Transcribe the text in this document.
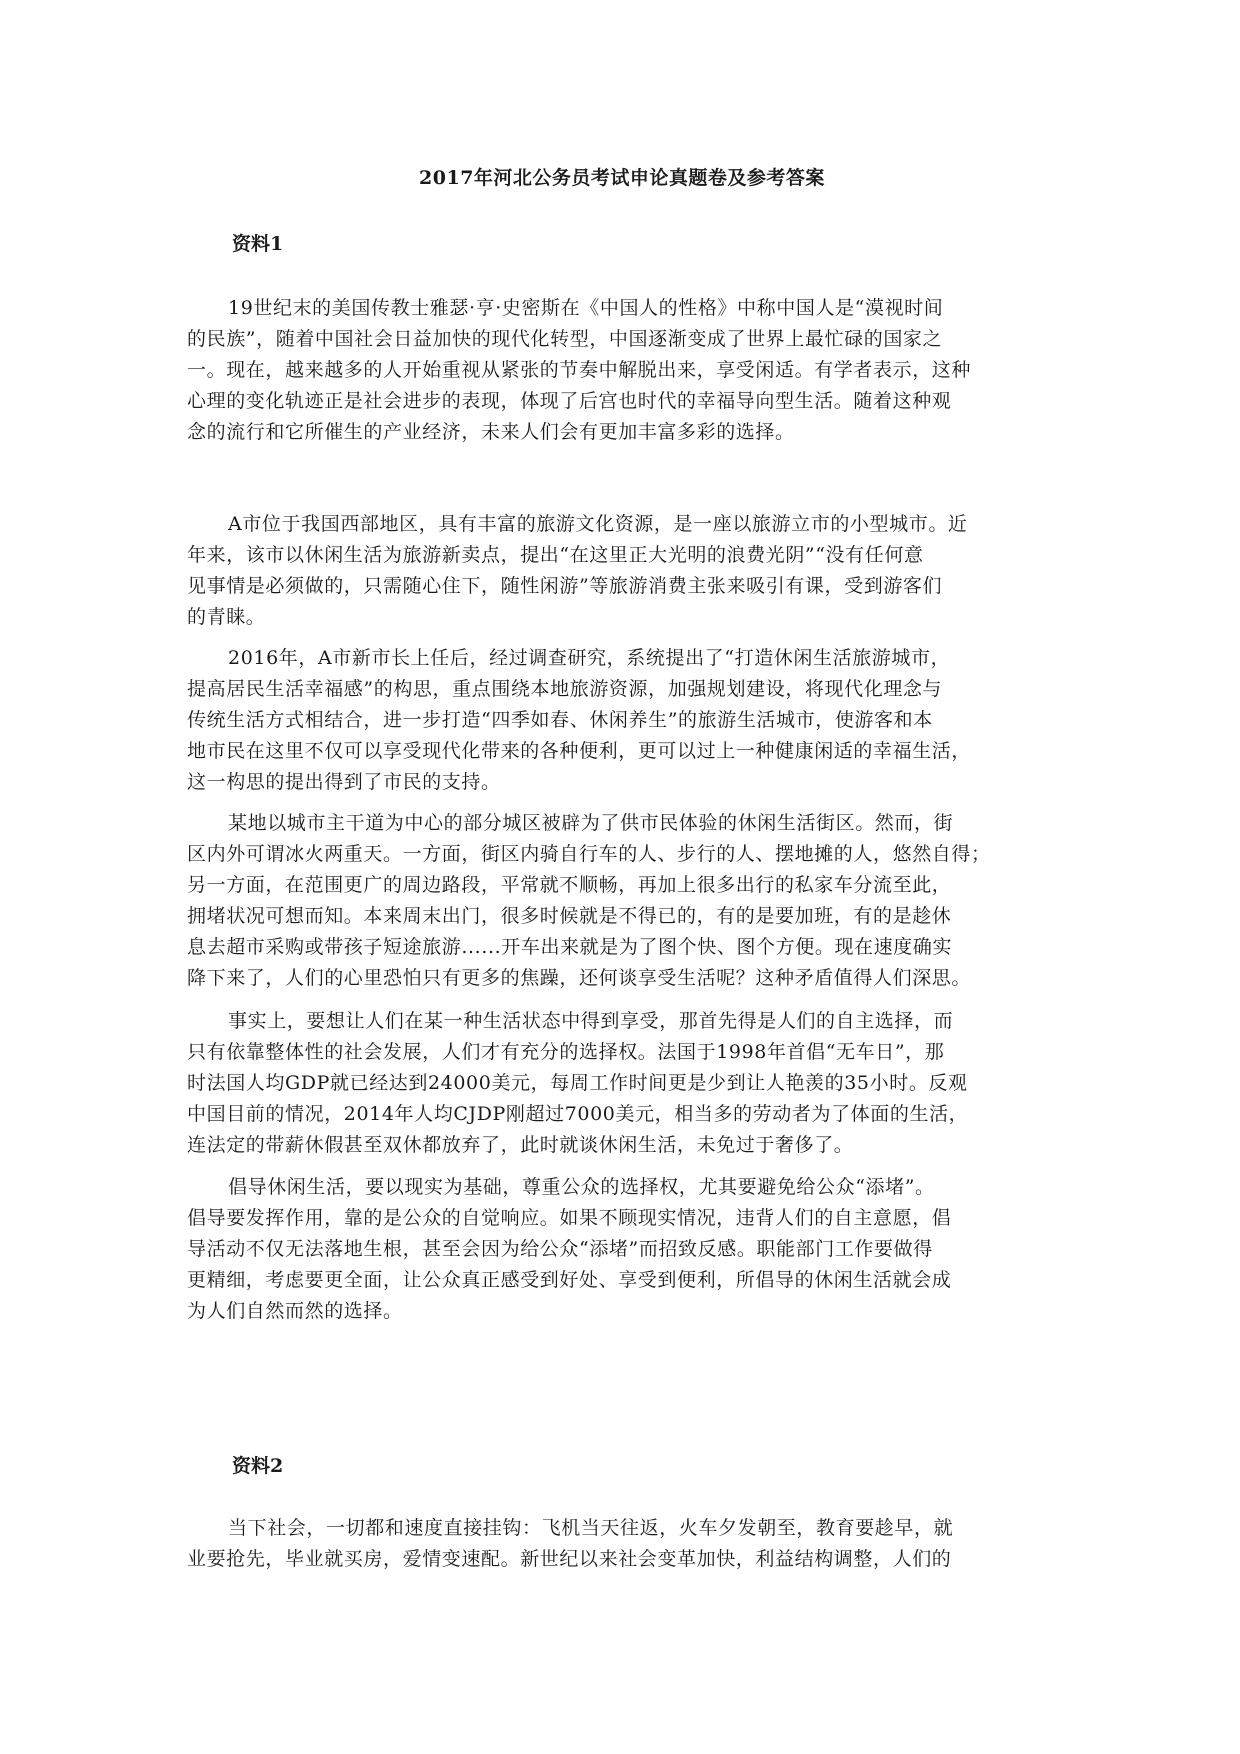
2017年河北公务员考试申论真题卷及参考答案
资料1
19世纪末的美国传教士雅瑟·亨·史密斯在《中国人的性格》中称中国人是“漠视时间
的民族”，随着中国社会日益加快的现代化转型，中国逐渐变成了世界上最忙碌的国家之
一。现在，越来越多的人开始重视从紧张的节奏中解脱出来，享受闲适。有学者表示，这种
心理的变化轨迹正是社会进步的表现，体现了后宫也时代的幸福导向型生活。随着这种观
念的流行和它所催生的产业经济，未来人们会有更加丰富多彩的选择。
A市位于我国西部地区，具有丰富的旅游文化资源，是一座以旅游立市的小型城市。近
年来，该市以休闲生活为旅游新卖点，提出“在这里正大光明的浪费光阴”“没有任何意
见事情是必须做的，只需随心住下，随性闲游”等旅游消费主张来吸引有课，受到游客们
的青睐。
2016年，A市新市长上任后，经过调查研究，系统提出了“打造休闲生活旅游城市，
提高居民生活幸福感”的构思，重点围绕本地旅游资源，加强规划建设，将现代化理念与
传统生活方式相结合，进一步打造“四季如春、休闲养生”的旅游生活城市，使游客和本
地市民在这里不仅可以享受现代化带来的各种便利，更可以过上一种健康闲适的幸福生活，
这一构思的提出得到了市民的支持。
某地以城市主干道为中心的部分城区被辟为了供市民体验的休闲生活街区。然而，街
区内外可谓冰火两重天。一方面，街区内骑自行车的人、步行的人、摆地摊的人，悠然自得；
另一方面，在范围更广的周边路段，平常就不顺畅，再加上很多出行的私家车分流至此，
拥堵状况可想而知。本来周末出门，很多时候就是不得已的，有的是要加班，有的是趁休
息去超市采购或带孩子短途旅游......开车出来就是为了图个快、图个方便。现在速度确实
降下来了，人们的心里恐怕只有更多的焦躁，还何谈享受生活呢？这种矛盾值得人们深思。
事实上，要想让人们在某一种生活状态中得到享受，那首先得是人们的自主选择，而
只有依靠整体性的社会发展，人们才有充分的选择权。法国于1998年首倡“无车日”，那
时法国人均GDP就已经达到24000美元，每周工作时间更是少到让人艳羡的35小时。反观
中国目前的情况，2014年人均CJDP刚超过7000美元，相当多的劳动者为了体面的生活，
连法定的带薪休假甚至双休都放弃了，此时就谈休闲生活，未免过于奢侈了。
倡导休闲生活，要以现实为基础，尊重公众的选择权，尤其要避免给公众“添堵”。
倡导要发挥作用，靠的是公众的自觉响应。如果不顾现实情况，违背人们的自主意愿，倡
导活动不仅无法落地生根，甚至会因为给公众“添堵”而招致反感。职能部门工作要做得
更精细，考虑要更全面，让公众真正感受到好处、享受到便利，所倡导的休闲生活就会成
为人们自然而然的选择。
资料2
当下社会，一切都和速度直接挂钩：飞机当天往返，火车夕发朝至，教育要趁早，就
业要抢先，毕业就买房，爱情变速配。新世纪以来社会变革加快，利益结构调整，人们的
